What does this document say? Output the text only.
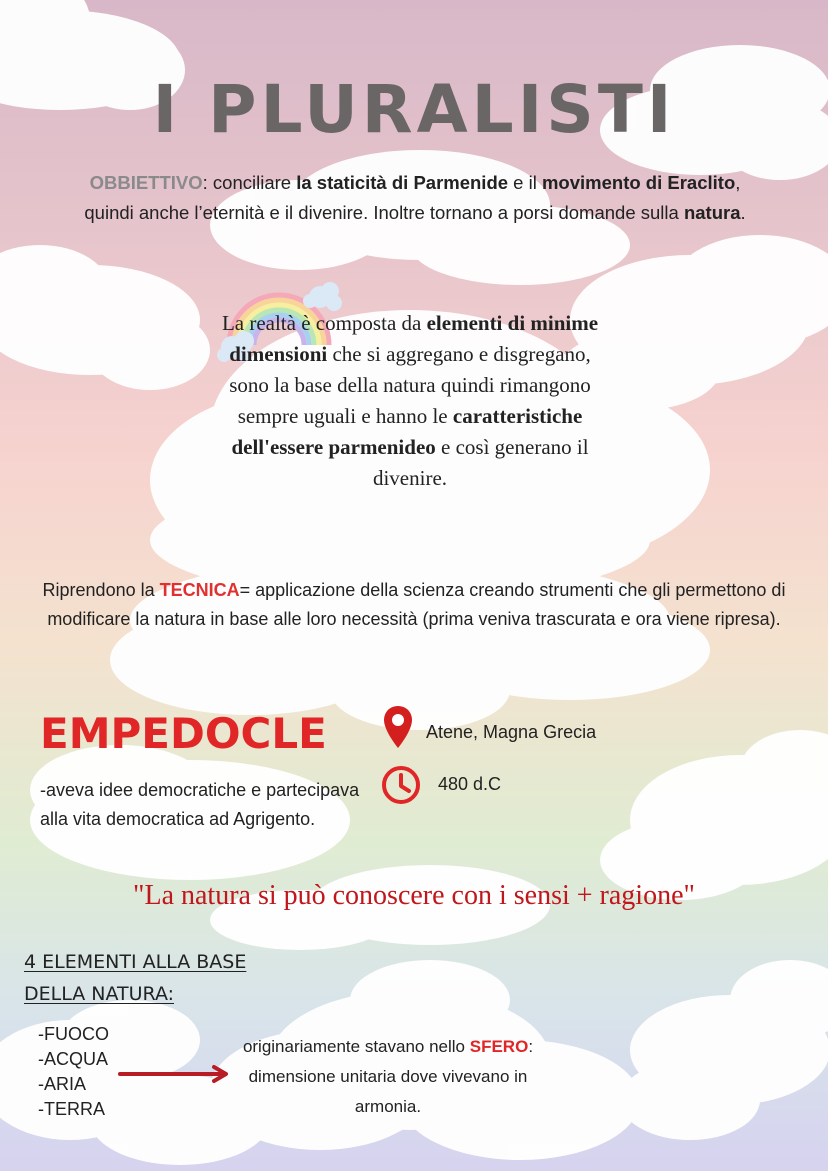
I PLURALISTI
OBBIETTIVO: conciliare la staticità di Parmenide e il movimento di Eraclito, quindi anche l’eternità e il divenire. Inoltre tornano a porsi domande sulla natura.
La realtà è composta da elementi di minime dimensioni che si aggregano e disgregano, sono la base della natura quindi rimangono sempre uguali e hanno le caratteristiche dell'essere parmenideo e così generano il divenire.
Riprendono la TECNICA= applicazione della scienza creando strumenti che gli permettono di modificare la natura in base alle loro necessità (prima veniva trascurata e ora viene ripresa).
EMPEDOCLE	Atene, Magna Grecia
480 d.C
-aveva idee democratiche e partecipava alla vita democratica ad Agrigento.
"La natura si può conoscere con i sensi + ragione"
4 ELEMENTI ALLA BASE
DELLA NATURA:
-FUOCO
-ACQUA
-ARIA
-TERRA
originariamente stavano nello SFERO: dimensione unitaria dove vivevano in armonia.
